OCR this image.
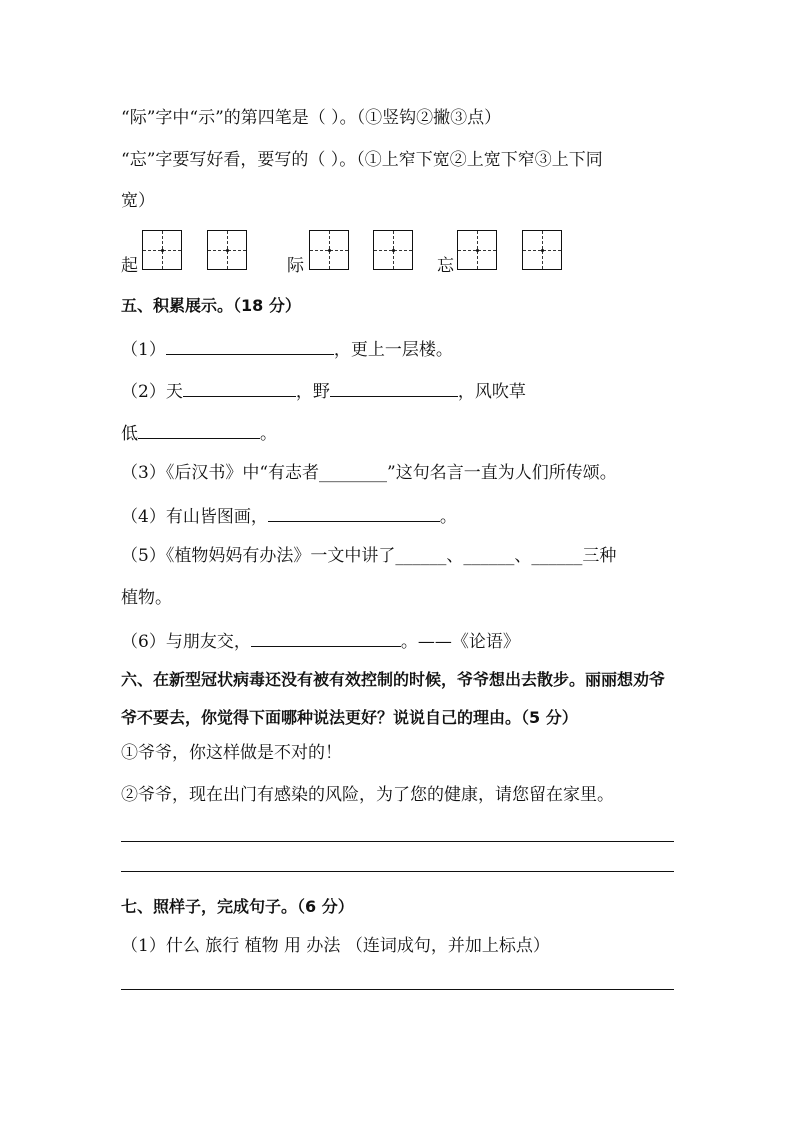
“际”字中“示”的第四笔是（ ）。（①竖钩②撇③点）
“忘”字要写好看，要写的（ ）。（①上窄下宽②上宽下窄③上下同
宽）
起	际	忘
五、积累展示。（18 分）
（1）	，更上一层楼。
（2）天	，野	，风吹草
低	。
（3）《后汉书》中“有志者________”这句名言一直为人们所传颂。
（4）有山皆图画，	。
（5）《植物妈妈有办法》一文中讲了______、______、______三种
植物。
（6）与朋友交，	。——《论语》
六、在新型冠状病毒还没有被有效控制的时候，爷爷想出去散步。丽丽想劝爷
爷不要去，你觉得下面哪种说法更好？说说自己的理由。（5 分）
①爷爷，你这样做是不对的！
②爷爷，现在出门有感染的风险，为了您的健康，请您留在家里。
七、照样子，完成句子。（6 分）
（1）什么 旅行 植物 用 办法 （连词成句，并加上标点）
